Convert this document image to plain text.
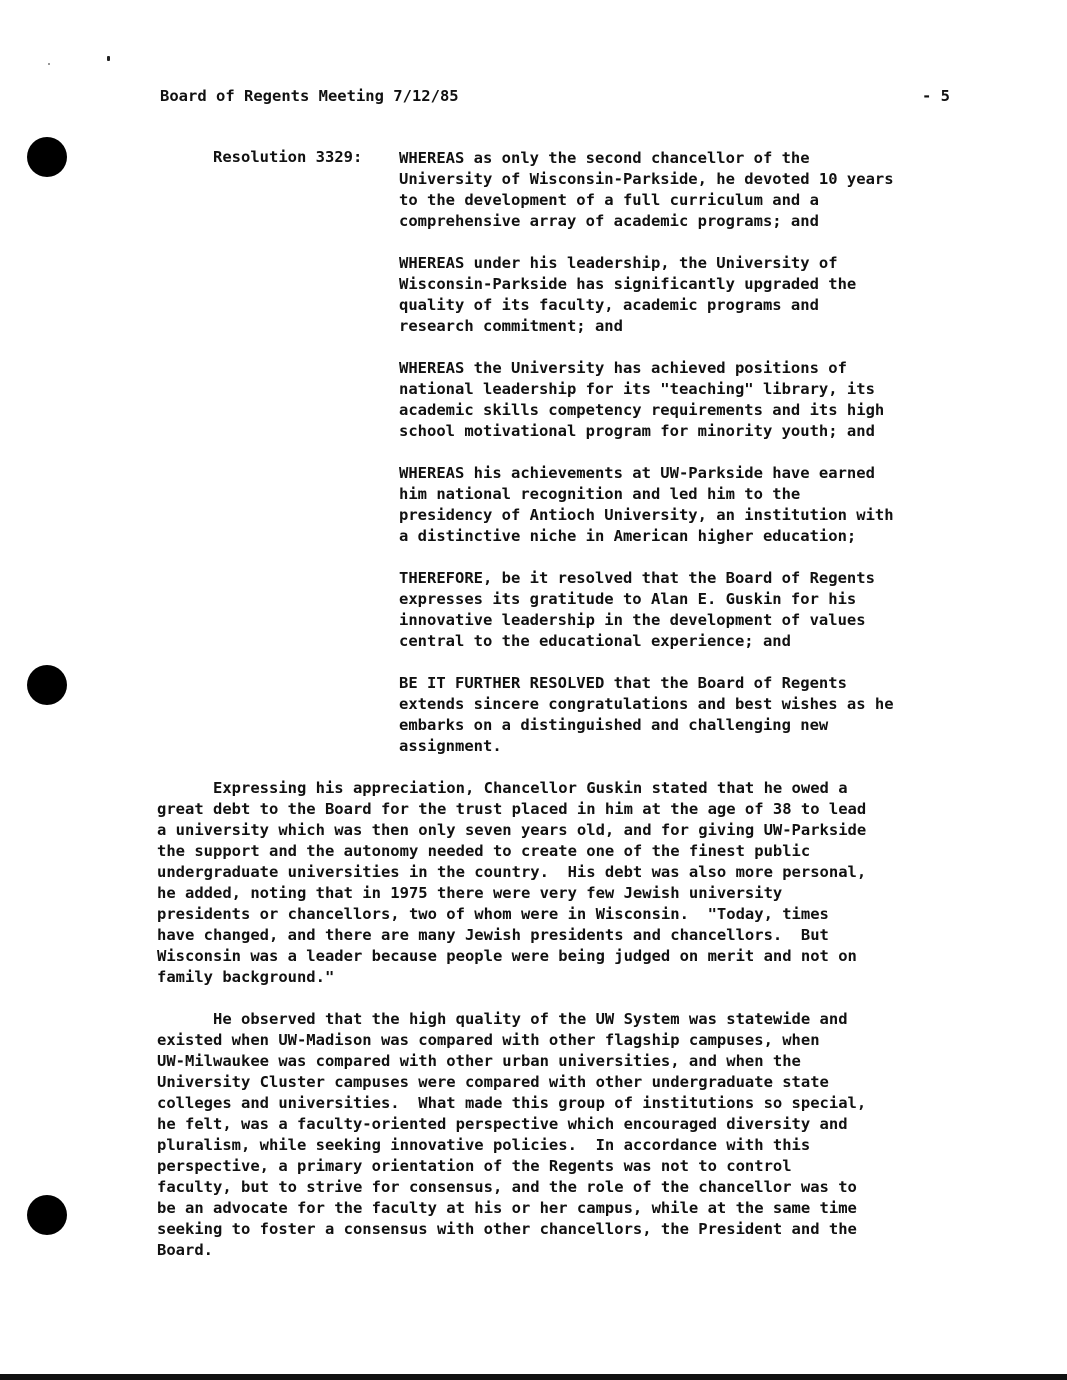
Board of Regents Meeting 7/12/85	- 5
Resolution 3329: WHEREAS as only the second chancellor of the
University of Wisconsin-Parkside, he devoted 10 years
to the development of a full curriculum and a
comprehensive array of academic programs; and

WHEREAS under his leadership, the University of
Wisconsin-Parkside has significantly upgraded the
quality of its faculty, academic programs and
research commitment; and

WHEREAS the University has achieved positions of
national leadership for its "teaching" library, its
academic skills competency requirements and its high
school motivational program for minority youth; and

WHEREAS his achievements at UW-Parkside have earned
him national recognition and led him to the
presidency of Antioch University, an institution with
a distinctive niche in American higher education;

THEREFORE, be it resolved that the Board of Regents
expresses its gratitude to Alan E. Guskin for his
innovative leadership in the development of values
central to the educational experience; and

BE IT FURTHER RESOLVED that the Board of Regents
extends sincere congratulations and best wishes as he
embarks on a distinguished and challenging new
assignment.

Expressing his appreciation, Chancellor Guskin stated that he owed a
great debt to the Board for the trust placed in him at the age of 38 to lead
a university which was then only seven years old, and for giving UW-Parkside
the support and the autonomy needed to create one of the finest public
undergraduate universities in the country.  His debt was also more personal,
he added, noting that in 1975 there were very few Jewish university
presidents or chancellors, two of whom were in Wisconsin.  "Today, times
have changed, and there are many Jewish presidents and chancellors.  But
Wisconsin was a leader because people were being judged on merit and not on
family background."

He observed that the high quality of the UW System was statewide and
existed when UW-Madison was compared with other flagship campuses, when
UW-Milwaukee was compared with other urban universities, and when the
University Cluster campuses were compared with other undergraduate state
colleges and universities.  What made this group of institutions so special,
he felt, was a faculty-oriented perspective which encouraged diversity and
pluralism, while seeking innovative policies.  In accordance with this
perspective, a primary orientation of the Regents was not to control
faculty, but to strive for consensus, and the role of the chancellor was to
be an advocate for the faculty at his or her campus, while at the same time
seeking to foster a consensus with other chancellors, the President and the
Board.
